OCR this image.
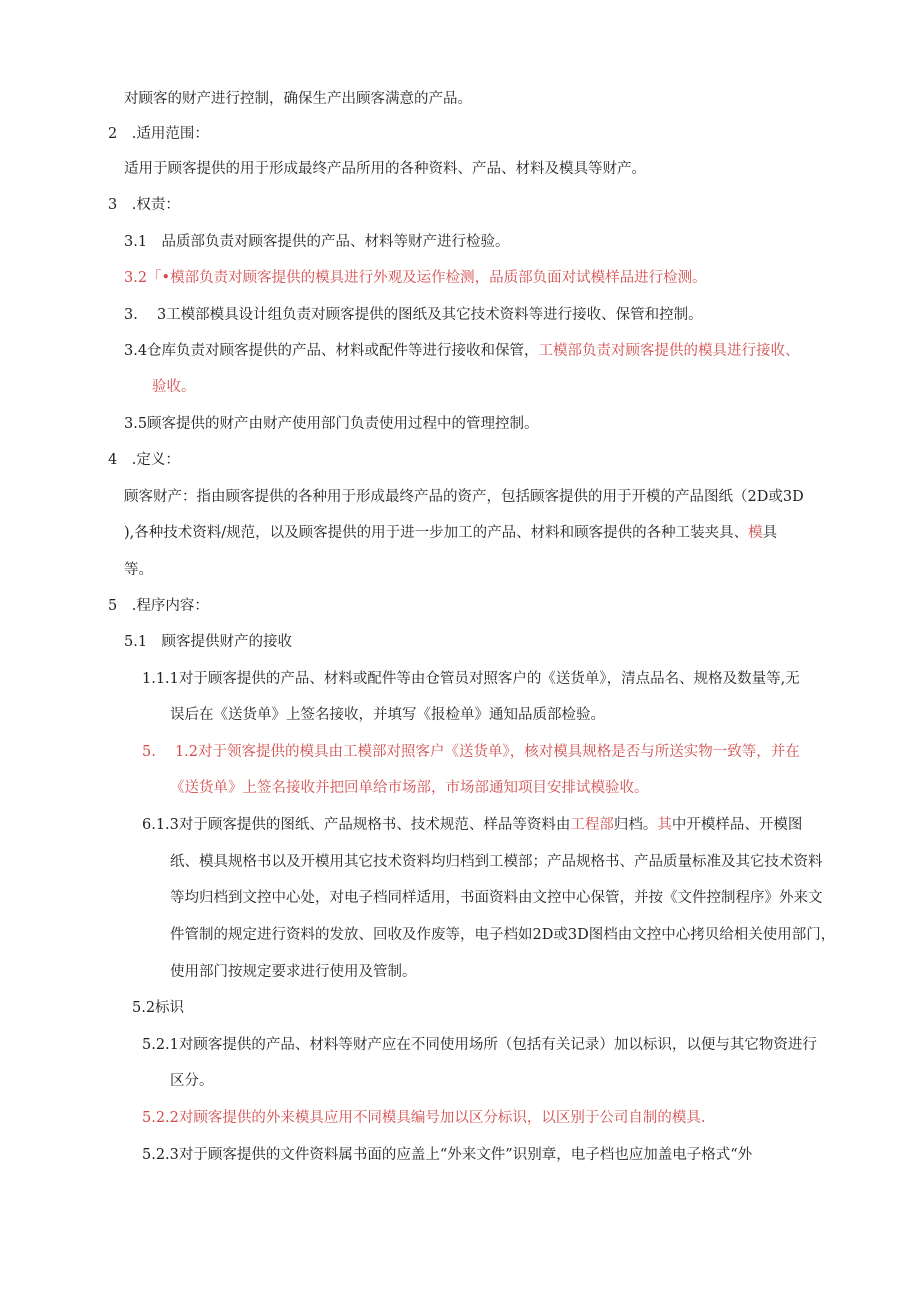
对顾客的财产进行控制，确保生产出顾客满意的产品。
2　.适用范围：
适用于顾客提供的用于形成最终产品所用的各种资料、产品、材料及模具等财产。
3　.权责：
3.1　品质部负责对顾客提供的产品、材料等财产进行检验。
3.2「•模部负责对顾客提供的模具进行外观及运作检测，品质部负面对试模样品进行检测。
3.　 3工模部模具设计组负责对顾客提供的图纸及其它技术资料等进行接收、保管和控制。
3.4仓库负责对顾客提供的产品、材料或配件等进行接收和保管，工模部负责对顾客提供的模具进行接收、
验收。
3.5顾客提供的财产由财产使用部门负责使用过程中的管理控制。
4　.定义：
顾客财产：指由顾客提供的各种用于形成最终产品的资产，包括顾客提供的用于开模的产品图纸（2D或3D
),各种技术资料/规范，以及顾客提供的用于进一步加工的产品、材料和顾客提供的各种工装夹具、模具
等。
5　.程序内容：
5.1　顾客提供财产的接收
1.1.1对于顾客提供的产品、材料或配件等由仓管员对照客户的《送货单》，清点品名、规格及数量等,无
误后在《送货单》上签名接收，并填写《报检单》通知品质部检验。
5.　 1.2对于领客提供的模具由工模部对照客户《送货单》，核对模具规格是否与所送实物一致等，并在
《送货单》上签名接收并把回单给市场部，市场部通知项目安排试模验收。
6.1.3对于顾客提供的图纸、产品规格书、技术规范、样品等资料由工程部归档。其中开模样品、开模图
纸、模具规格书以及开模用其它技术资料均归档到工模部；产品规格书、产品质量标准及其它技术资料
等均归档到文控中心处，对电子档同样适用，书面资料由文控中心保管，并按《文件控制程序》外来文
件管制的规定进行资料的发放、回收及作废等，电子档如2D或3D图档由文控中心拷贝给相关使用部门，
使用部门按规定要求进行使用及管制。
5.2标识
5.2.1对顾客提供的产品、材料等财产应在不同使用场所（包括有关记录）加以标识，以便与其它物资进行
区分。
5.2.2对顾客提供的外来模具应用不同模具编号加以区分标识，以区别于公司自制的模具.
5.2.3对于顾客提供的文件资料属书面的应盖上“外来文件”识别章，电子档也应加盖电子格式“外
